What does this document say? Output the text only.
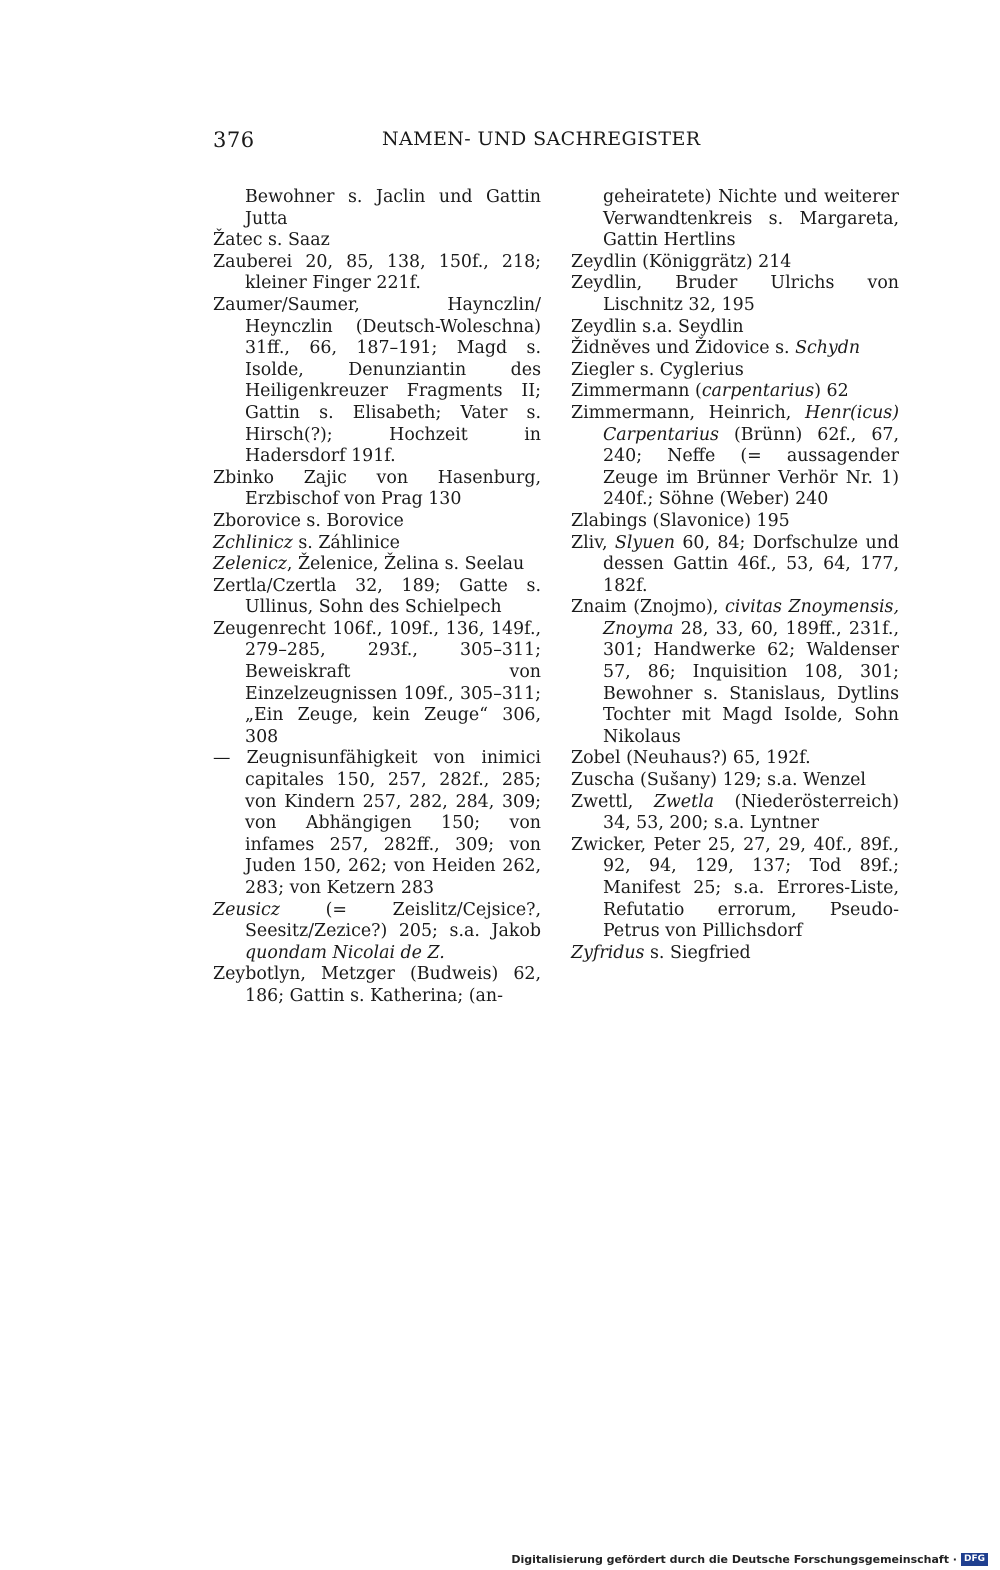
376	NAMEN- UND SACHREGISTER

Bewohner s. Jaclin und Gattin Jutta

Žatec s. Saaz

Zauberei 20, 85, 138, 150f., 218; kleiner Finger 221f.

Zaumer/Saumer, Haynczlin/ Heynczlin (Deutsch-Woleschna) 31ff., 66, 187–191; Magd s. Isolde, Denunziantin des Heiligenkreuzer Fragments II; Gattin s. Elisabeth; Vater s. Hirsch(?); Hochzeit in Hadersdorf 191f.

Zbinko Zajic von Hasenburg, Erzbischof von Prag 130

Zborovice s. Borovice

Zchlinicz s. Záhlinice

Zelenicz, Želenice, Želina s. Seelau

Zertla/Czertla 32, 189; Gatte s. Ullinus, Sohn des Schielpech

Zeugenrecht 106f., 109f., 136, 149f., 279–285, 293f., 305–311; Beweiskraft von Einzelzeugnissen 109f., 305–311; „Ein Zeuge, kein Zeuge“ 306, 308

— Zeugnisunfähigkeit von inimici capitales 150, 257, 282f., 285; von Kindern 257, 282, 284, 309; von Abhängigen 150; von infames 257, 282ff., 309; von Juden 150, 262; von Heiden 262, 283; von Ketzern 283

Zeusicz (= Zeislitz/Cejsice?, Seesitz/Zezice?) 205; s.a. Jakob quondam Nicolai de Z.

Zeybotlyn, Metzger (Budweis) 62, 186; Gattin s. Katherina; (an-

geheiratete) Nichte und weiterer Verwandtenkreis s. Margareta, Gattin Hertlins

Zeydlin (Königgrätz) 214

Zeydlin, Bruder Ulrichs von Lischnitz 32, 195

Zeydlin s.a. Seydlin

Židněves und Židovice s. Schydn

Ziegler s. Cyglerius

Zimmermann (carpentarius) 62

Zimmermann, Heinrich, Henr(icus) Carpentarius (Brünn) 62f., 67, 240; Neffe (= aussagender Zeuge im Brünner Verhör Nr. 1) 240f.; Söhne (Weber) 240

Zlabings (Slavonice) 195

Zliv, Slyuen 60, 84; Dorfschulze und dessen Gattin 46f., 53, 64, 177, 182f.

Znaim (Znojmo), civitas Znoymensis, Znoyma 28, 33, 60, 189ff., 231f., 301; Handwerke 62; Waldenser 57, 86; Inquisition 108, 301; Bewohner s. Stanislaus, Dytlins Tochter mit Magd Isolde, Sohn Nikolaus

Zobel (Neuhaus?) 65, 192f.

Zuscha (Sušany) 129; s.a. Wenzel

Zwettl, Zwetla (Niederösterreich) 34, 53, 200; s.a. Lyntner

Zwicker, Peter 25, 27, 29, 40f., 89f., 92, 94, 129, 137; Tod 89f.; Manifest 25; s.a. Errores-Liste, Refutatio errorum, Pseudo-Petrus von Pillichsdorf

Zyfridus s. Siegfried

Digitalisierung gefördert durch die Deutsche Forschungsgemeinschaft · DFG
